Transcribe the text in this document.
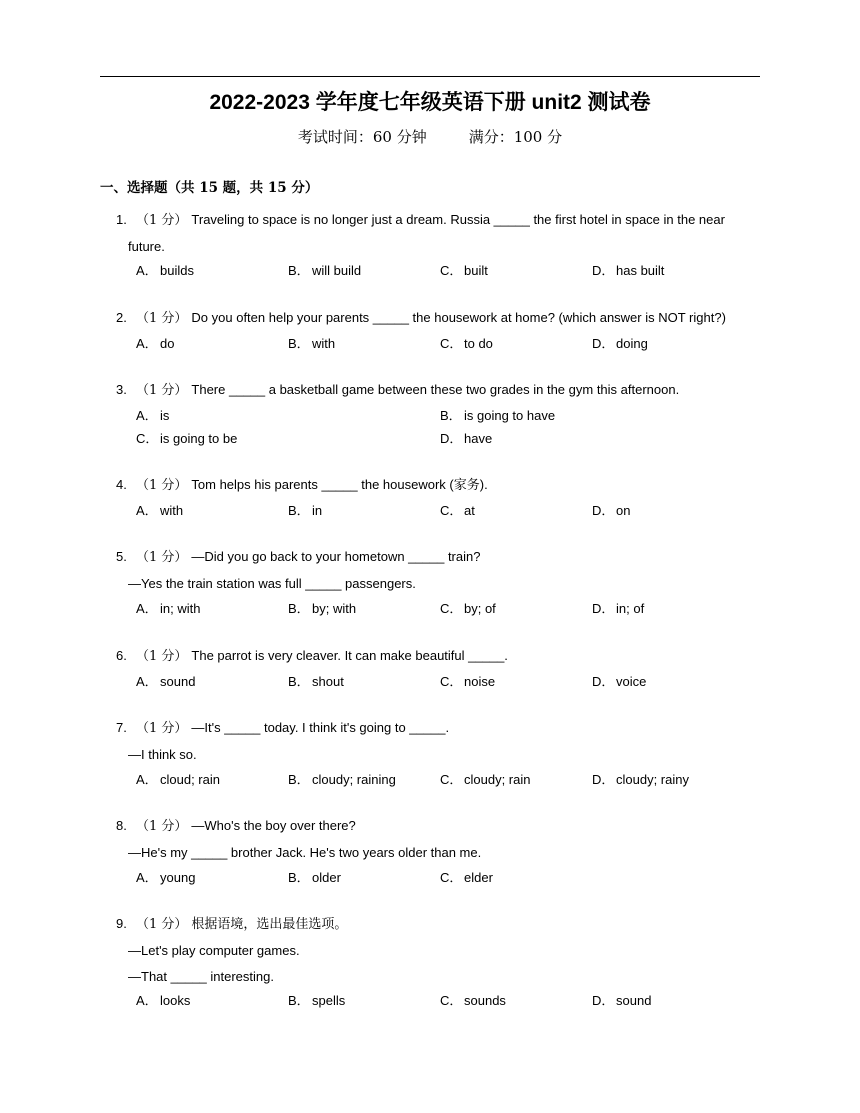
2022-2023 学年度七年级英语下册 unit2 测试卷
考试时间：60 分钟	满分：100 分
一、选择题（共 15 题，共 15 分）
1. （1 分） Traveling to space is no longer just a dream. Russia _____ the first hotel in space in the near
future.
A． builds	B． will build	C． built	D． has built
2. （1 分） Do you often help your parents _____ the housework at home? (which answer is NOT right?)
A． do	B． with	C． to do	D． doing
3. （1 分） There _____ a basketball game between these two grades in the gym this afternoon.
A． is	B． is going to have
C． is going to be	D． have
4. （1 分） Tom helps his parents _____ the housework (家务).
A． with	B． in	C． at	D． on
5. （1 分） —Did you go back to your hometown _____ train?
—Yes the train station was full _____ passengers.
A． in; with	B． by; with	C． by; of	D． in; of
6. （1 分） The parrot is very cleaver. It can make beautiful _____.
A． sound	B． shout	C． noise	D． voice
7. （1 分） —It's _____ today. I think it's going to _____.
—I think so.
A． cloud; rain	B． cloudy; raining	C． cloudy; rain	D． cloudy; rainy
8. （1 分） —Who's the boy over there?
—He's my _____ brother Jack. He's two years older than me.
A． young	B． older	C． elder
9. （1 分） 根据语境，选出最佳选项。
—Let's play computer games.
—That _____ interesting.
A． looks	B． spells	C． sounds	D． sound
